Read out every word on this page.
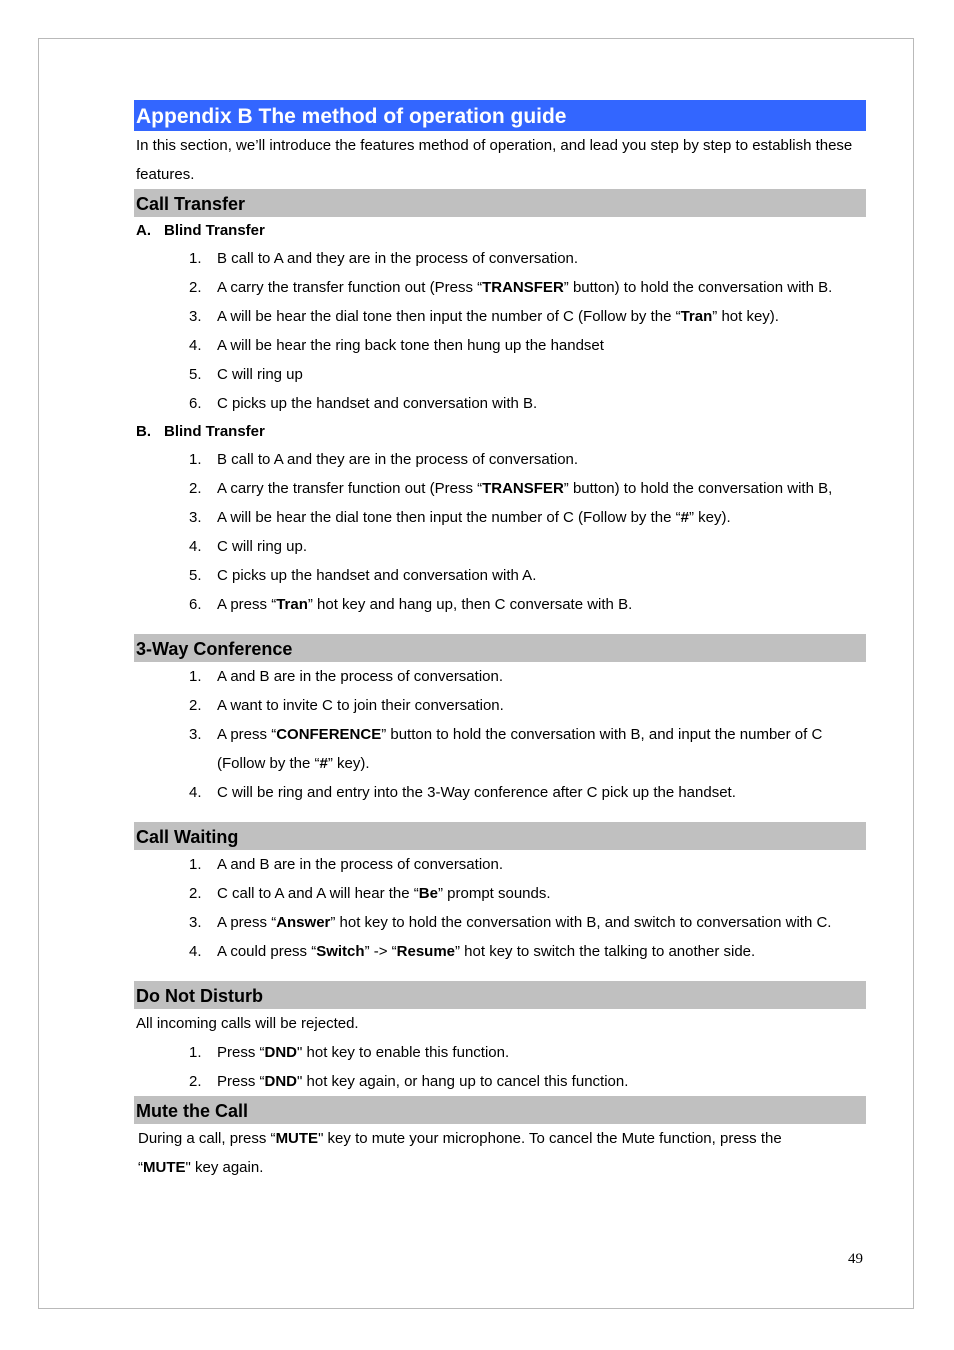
Appendix B The method of operation guide
In this section, we’ll introduce the features method of operation, and lead you step by step to establish these features.
Call Transfer
A. Blind Transfer
1.	B call to A and they are in the process of conversation.
2.	A carry the transfer function out (Press “TRANSFER” button) to hold the conversation with B.
3.	A will be hear the dial tone then input the number of C (Follow by the “Tran” hot key).
4.	A will be hear the ring back tone then hung up the handset
5.	C will ring up
6.	C picks up the handset and conversation with B.
B. Blind Transfer
1.	B call to A and they are in the process of conversation.
2.	A carry the transfer function out (Press “TRANSFER” button) to hold the conversation with B,
3.	A will be hear the dial tone then input the number of C (Follow by the “#” key).
4.	C will ring up.
5.	C picks up the handset and conversation with A.
6.	A press “Tran” hot key and hang up, then C conversate with B.
3-Way Conference
1.	A and B are in the process of conversation.
2.	A want to invite C to join their conversation.
3.	A press “CONFERENCE” button to hold the conversation with B, and input the number of C (Follow by the “#” key).
4.	C will be ring and entry into the 3-Way conference after C pick up the handset.
Call Waiting
1.	A and B are in the process of conversation.
2.	C call to A and A will hear the “Be” prompt sounds.
3.	A press “Answer” hot key to hold the conversation with B, and switch to conversation with C.
4.	A could press “Switch” -> “Resume” hot key to switch the talking to another side.
Do Not Disturb
All incoming calls will be rejected.
1.	Press “DND" hot key to enable this function.
2.	Press “DND" hot key again, or hang up to cancel this function.
Mute the Call
During a call, press “MUTE" key to mute your microphone. To cancel the Mute function, press the “MUTE" key again.
49
